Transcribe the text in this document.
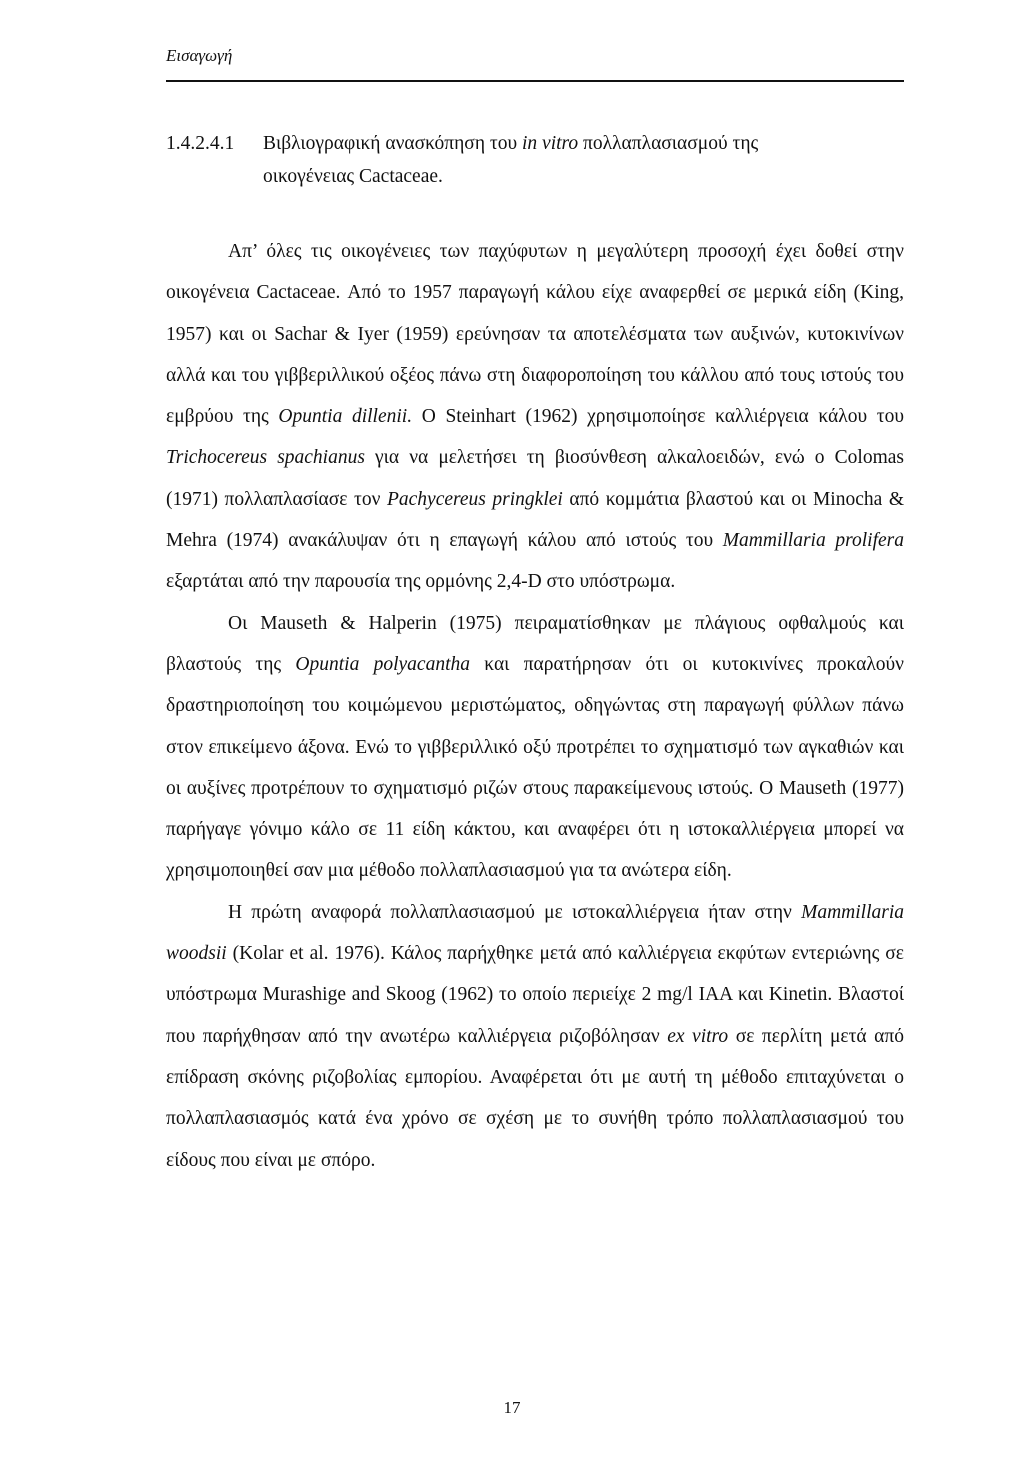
Εισαγωγή
1.4.2.4.1 Βιβλιογραφική ανασκόπηση του in vitro πολλαπλασιασμού της
οικογένειας Cactaceae.

Απ’ όλες τις οικογένειες των παχύφυτων η μεγαλύτερη προσοχή έχει δοθεί στην οικογένεια Cactaceae. Από το 1957 παραγωγή κάλου είχε αναφερθεί σε μερικά είδη (King, 1957) και οι Sachar & Iyer (1959) ερεύνησαν τα αποτελέσματα των αυξινών, κυτοκινίνων αλλά και του γιββεριλλικού οξέος πάνω στη διαφοροποίηση του κάλλου από τους ιστούς του εμβρύου της Opuntia dillenii. O Steinhart (1962) χρησιμοποίησε καλλιέργεια κάλου του Trichocereus spachianus για να μελετήσει τη βιοσύνθεση αλκαλοειδών, ενώ ο Colomas (1971) πολλαπλασίασε τον Pachycereus pringklei από κομμάτια βλαστού και οι Minocha & Mehra (1974) ανακάλυψαν ότι η επαγωγή κάλου από ιστούς του Mammillaria prolifera εξαρτάται από την παρουσία της ορμόνης 2,4-D στο υπόστρωμα.

Οι Mauseth & Halperin (1975) πειραματίσθηκαν με πλάγιους οφθαλμούς και βλαστούς της Opuntia polyacantha και παρατήρησαν ότι οι κυτοκινίνες προκαλούν δραστηριοποίηση του κοιμώμενου μεριστώματος, οδηγώντας στη παραγωγή φύλλων πάνω στον επικείμενο άξονα. Ενώ το γιββεριλλικό οξύ προτρέπει το σχηματισμό των αγκαθιών και οι αυξίνες προτρέπουν το σχηματισμό ριζών στους παρακείμενους ιστούς. O Mauseth (1977) παρήγαγε γόνιμο κάλο σε 11 είδη κάκτου, και αναφέρει ότι η ιστοκαλλιέργεια μπορεί να χρησιμοποιηθεί σαν μια μέθοδο πολλαπλασιασμού για τα ανώτερα είδη.

Η πρώτη αναφορά πολλαπλασιασμού με ιστοκαλλιέργεια ήταν στην Mammillaria woodsii (Kolar et al. 1976). Κάλος παρήχθηκε μετά από καλλιέργεια εκφύτων εντεριώνης σε υπόστρωμα Murashige and Skoog (1962) το οποίο περιείχε 2 mg/l IAA και Kinetin. Βλαστοί που παρήχθησαν από την ανωτέρω καλλιέργεια ριζοβόλησαν ex vitro σε περλίτη μετά από επίδραση σκόνης ριζοβολίας εμπορίου. Αναφέρεται ότι με αυτή τη μέθοδο επιταχύνεται ο πολλαπλασιασμός κατά ένα χρόνο σε σχέση με το συνήθη τρόπο πολλαπλασιασμού του είδους που είναι με σπόρο.

17
